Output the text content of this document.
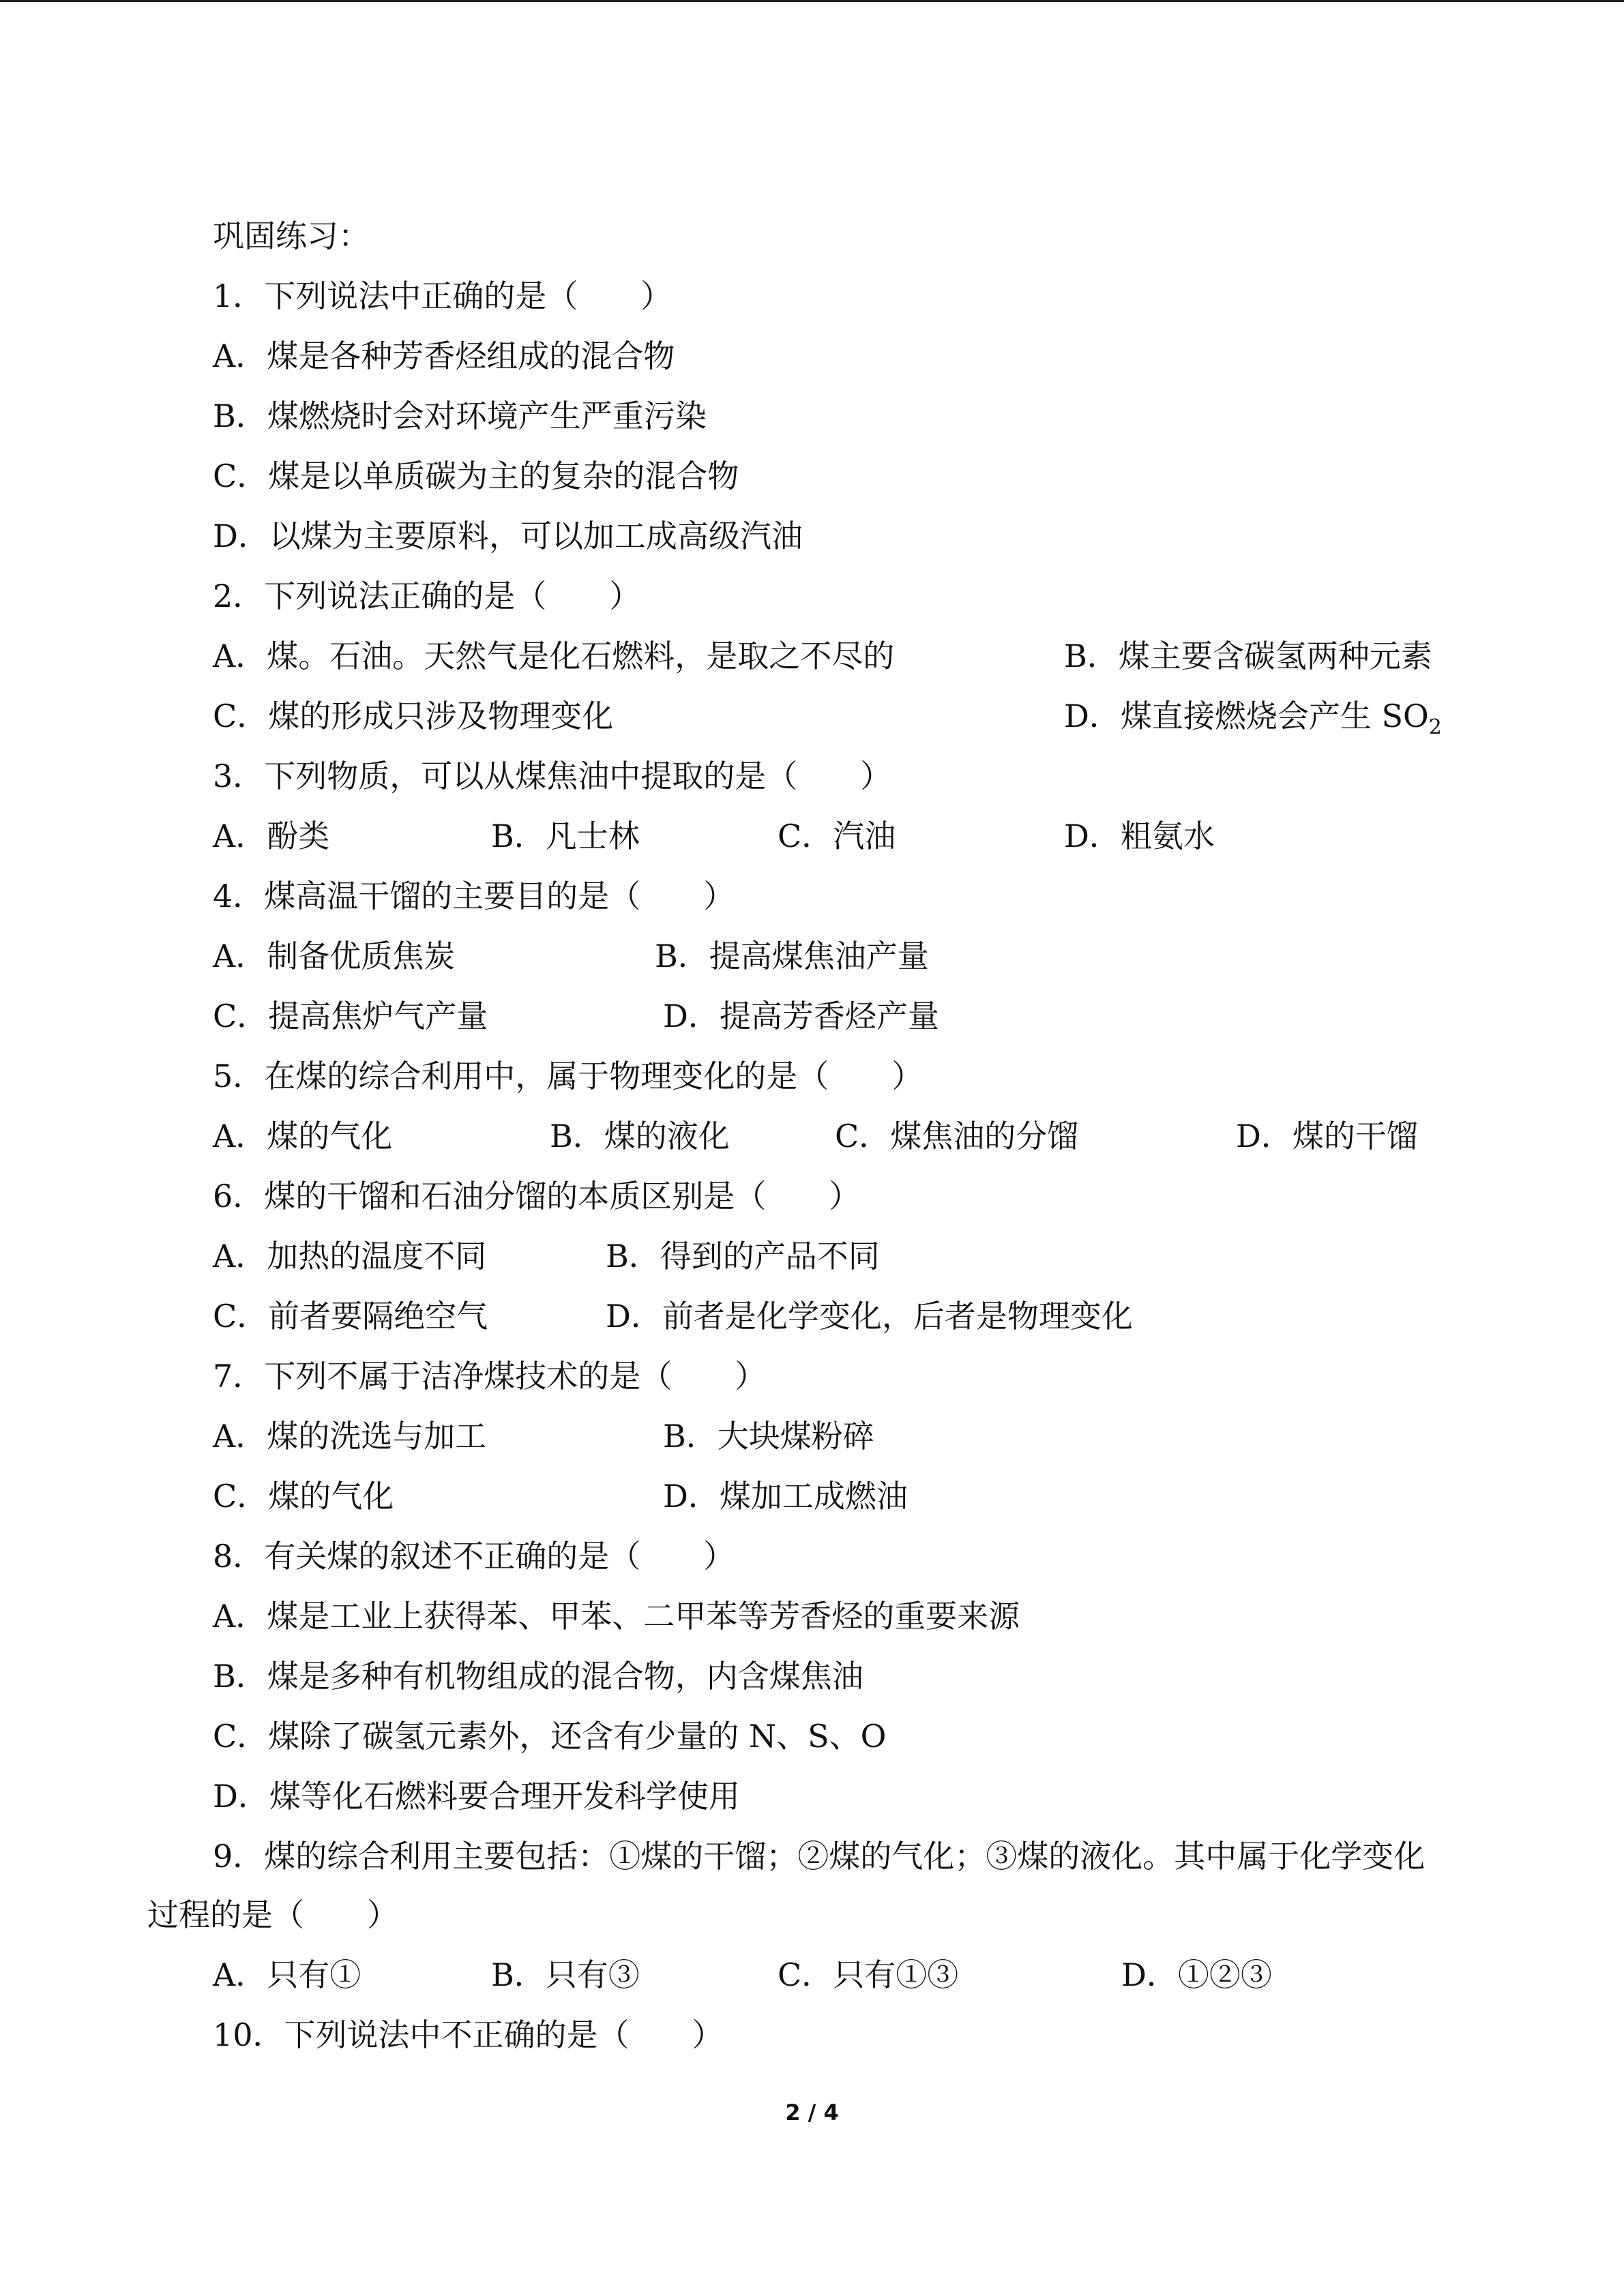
巩固练习：
1．下列说法中正确的是（　　）
A．煤是各种芳香烃组成的混合物
B．煤燃烧时会对环境产生严重污染
C．煤是以单质碳为主的复杂的混合物
D．以煤为主要原料，可以加工成高级汽油
2．下列说法正确的是（　　）
A．煤。石油。天然气是化石燃料，是取之不尽的	B．煤主要含碳氢两种元素
C．煤的形成只涉及物理变化	D．煤直接燃烧会产生 $SO_2$
3．下列物质，可以从煤焦油中提取的是（　　）
A．酚类	B．凡士林	C．汽油	D．粗氨水
4．煤高温干馏的主要目的是（　　）
A．制备优质焦炭	B．提高煤焦油产量
C．提高焦炉气产量	D．提高芳香烃产量
5．在煤的综合利用中，属于物理变化的是（　　）
A．煤的气化	B．煤的液化	C．煤焦油的分馏	D．煤的干馏
6．煤的干馏和石油分馏的本质区别是（　　）
A．加热的温度不同	B．得到的产品不同
C．前者要隔绝空气	D．前者是化学变化，后者是物理变化
7．下列不属于洁净煤技术的是（　　）
A．煤的洗选与加工	B．大块煤粉碎
C．煤的气化	D．煤加工成燃油
8．有关煤的叙述不正确的是（　　）
A．煤是工业上获得苯、甲苯、二甲苯等芳香烃的重要来源
B．煤是多种有机物组成的混合物，内含煤焦油
C．煤除了碳氢元素外，还含有少量的 N、S、O
D．煤等化石燃料要合理开发科学使用
9．煤的综合利用主要包括：①煤的干馏；②煤的气化；③煤的液化。其中属于化学变化
过程的是（　　）
A．只有①	B．只有③	C．只有①③	D．①②③
10．下列说法中不正确的是（　　）
2 / 4
